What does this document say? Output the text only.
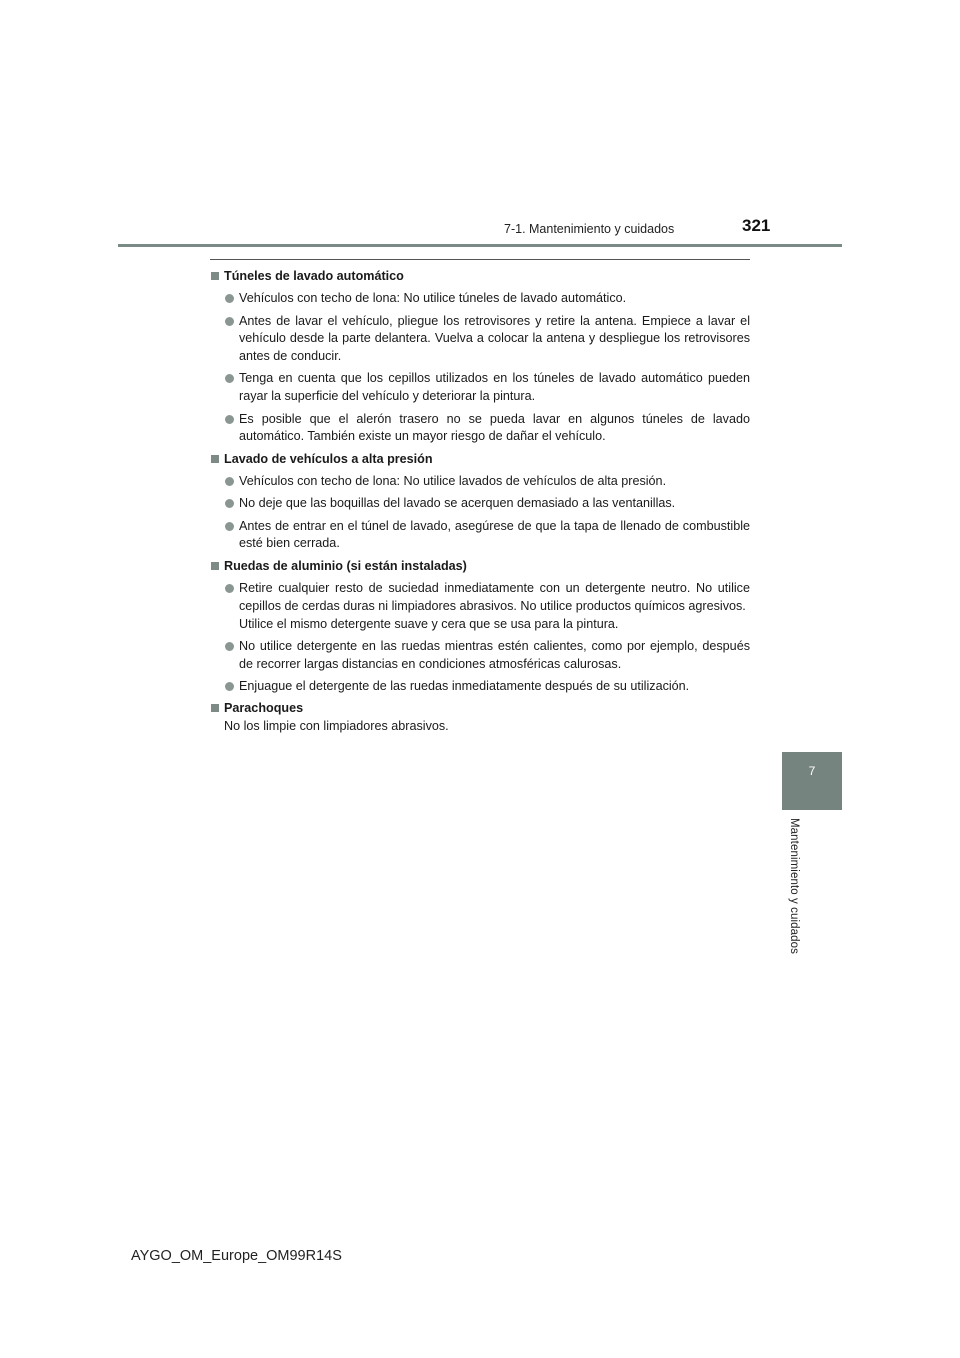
7-1. Mantenimiento y cuidados	321
7
Mantenimiento y cuidados
Túneles de lavado automático
Vehículos con techo de lona: No utilice túneles de lavado automático.
Antes de lavar el vehículo, pliegue los retrovisores y retire la antena. Empiece a lavar el vehículo desde la parte delantera. Vuelva a colocar la antena y despliegue los retrovisores antes de conducir.
Tenga en cuenta que los cepillos utilizados en los túneles de lavado automático pueden rayar la superficie del vehículo y deteriorar la pintura.
Es posible que el alerón trasero no se pueda lavar en algunos túneles de lavado automático. También existe un mayor riesgo de dañar el vehículo.
Lavado de vehículos a alta presión
Vehículos con techo de lona: No utilice lavados de vehículos de alta presión.
No deje que las boquillas del lavado se acerquen demasiado a las ventanillas.
Antes de entrar en el túnel de lavado, asegúrese de que la tapa de llenado de combustible esté bien cerrada.
Ruedas de aluminio (si están instaladas)
Retire cualquier resto de suciedad inmediatamente con un detergente neutro. No utilice cepillos de cerdas duras ni limpiadores abrasivos. No utilice productos químicos agresivos.
Utilice el mismo detergente suave y cera que se usa para la pintura.
No utilice detergente en las ruedas mientras estén calientes, como por ejemplo, después de recorrer largas distancias en condiciones atmosféricas calurosas.
Enjuague el detergente de las ruedas inmediatamente después de su utilización.
Parachoques
No los limpie con limpiadores abrasivos.
AYGO_OM_Europe_OM99R14S
